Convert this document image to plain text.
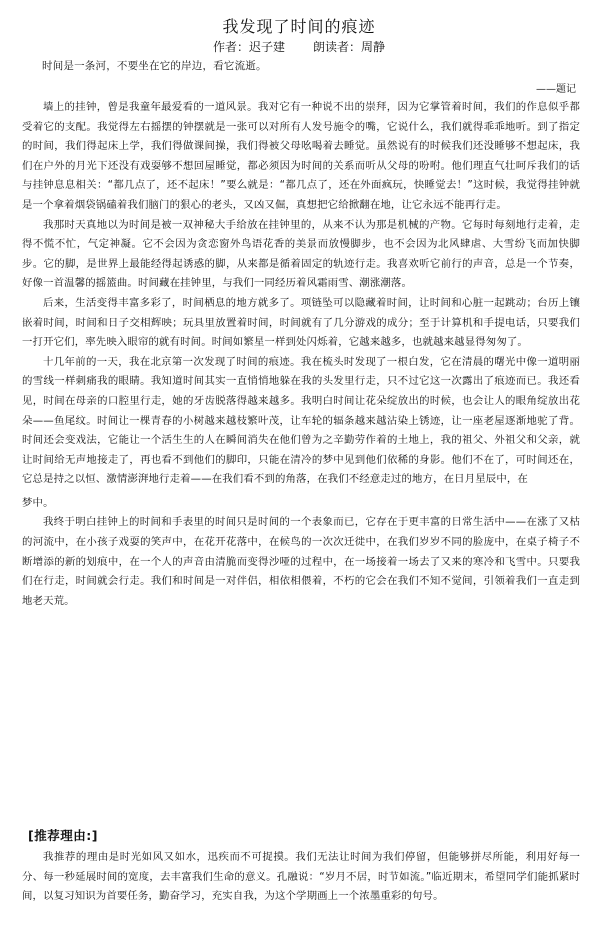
我发现了时间的痕迹
作者：迟子建 朗读者：周静
时间是一条河，不要坐在它的岸边，看它流逝。
——题记

墙上的挂钟，曾是我童年最爱看的一道风景。我对它有一种说不出的崇拜，因为它掌管着时间，我们的作息似乎都受着它的支配。我觉得左右摇摆的钟摆就是一张可以对所有人发号施令的嘴，它说什么，我们就得乖乖地听。到了指定的时间，我们得起床上学，我们得做课间操，我们得被父母吆喝着去睡觉。虽然说有的时候我们还没睡够不想起床，我们在户外的月光下还没有戏耍够不想回屋睡觉，都必须因为时间的关系而听从父母的吩咐。他们理直气壮呵斥我们的话与挂钟息息相关：“都几点了，还不起床！”要么就是：“都几点了，还在外面疯玩，快睡觉去！”这时候，我觉得挂钟就是一个拿着烟袋锅磕着我们脑门的狠心的老头，又凶又倔，真想把它给掀翻在地，让它永远不能再行走。

我那时天真地以为时间是被一双神秘大手给放在挂钟里的，从来不认为那是机械的产物。它每时每刻地行走着，走得不慌不忙，气定神凝。它不会因为贪恋窗外鸟语花香的美景而放慢脚步，也不会因为北风肆虐、大雪纷飞而加快脚步。它的脚，是世界上最能经得起诱惑的脚，从来都是循着固定的轨迹行走。我喜欢听它前行的声音，总是一个节奏，好像一首温馨的摇篮曲。时间藏在挂钟里，与我们一同经历着风霜雨雪、潮涨潮落。

后来，生活变得丰富多彩了，时间栖息的地方就多了。项链坠可以隐藏着时间，让时间和心脏一起跳动；台历上镶嵌着时间，时间和日子交相辉映；玩具里放置着时间，时间就有了几分游戏的成分；至于计算机和手提电话，只要我们一打开它们，率先映入眼帘的就有时间。时间如繁星一样到处闪烁着，它越来越多，也就越来越显得匆匆了。

十几年前的一天，我在北京第一次发现了时间的痕迹。我在梳头时发现了一根白发，它在清晨的曙光中像一道明丽的雪线一样刺痛我的眼睛。我知道时间其实一直悄悄地躲在我的头发里行走，只不过它这一次露出了痕迹而已。我还看见，时间在母亲的口腔里行走，她的牙齿脱落得越来越多。我明白时间让花朵绽放出的时候，也会让人的眼角绽放出花朵——鱼尾纹。时间让一棵青春的小树越来越枝繁叶茂，让车轮的辐条越来越沾染上锈迹，让一座老屋逐渐地驼了背。时间还会变戏法，它能让一个活生生的人在瞬间消失在他们曾为之辛勤劳作着的土地上，我的祖父、外祖父和父亲，就让时间给无声地接走了，再也看不到他们的脚印，只能在清冷的梦中见到他们依稀的身影。他们不在了，可时间还在，它总是持之以恒、激情澎湃地行走着——在我们看不到的角落，在我们不经意走过的地方，在日月星辰中，在

梦中。

我终于明白挂钟上的时间和手表里的时间只是时间的一个表象而已，它存在于更丰富的日常生活中——在涨了又枯的河流中，在小孩子戏耍的笑声中，在花开花落中，在候鸟的一次次迁徙中，在我们岁岁不同的脸庞中，在桌子椅子不断增添的新的划痕中，在一个人的声音由清脆而变得沙哑的过程中，在一场接着一场去了又来的寒冷和飞雪中。只要我们在行走，时间就会行走。我们和时间是一对伴侣，相依相偎着，不朽的它会在我们不知不觉间，引领着我们一直走到地老天荒。

[推荐理由:]

我推荐的理由是时光如风又如水，迅疾而不可捉摸。我们无法让时间为我们停留，但能够拼尽所能，利用好每一分、每一秒延展时间的宽度，去丰富我们生命的意义。孔融说：“岁月不居，时节如流。”临近期末，希望同学们能抓紧时间，以复习知识为首要任务，勤奋学习，充实自我，为这个学期画上一个浓墨重彩的句号。
